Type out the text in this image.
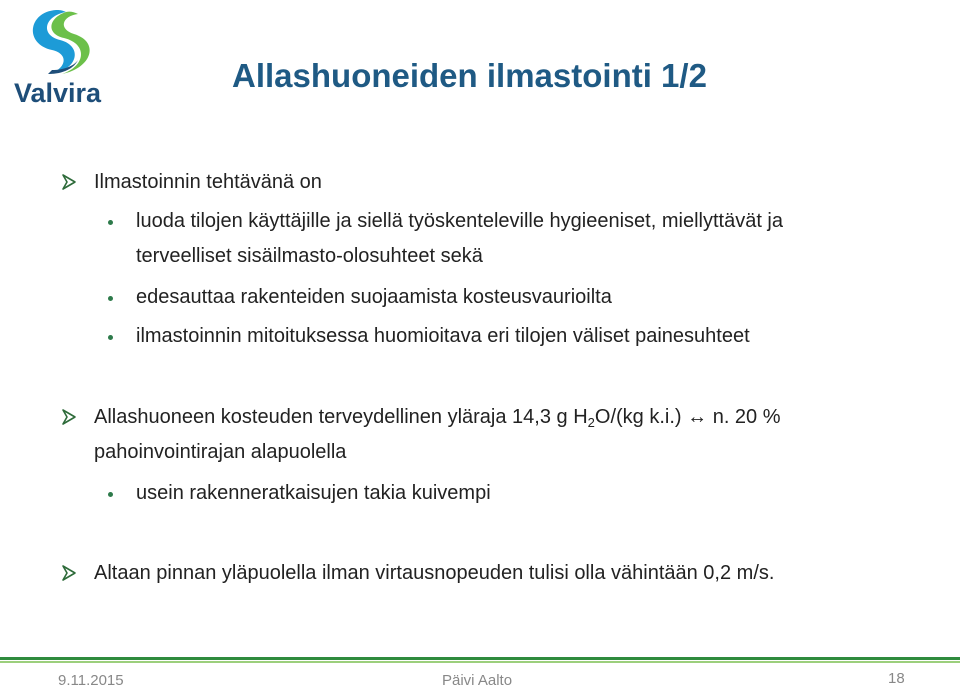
Valvira	Allashuoneiden ilmastointi 1/2
Ilmastoinnin tehtävänä on
luoda tilojen käyttäjille ja siellä työskenteleville hygieeniset, miellyttävät ja
terveelliset sisäilmasto-olosuhteet sekä
edesauttaa rakenteiden suojaamista kosteusvaurioilta
ilmastoinnin mitoituksessa huomioitava eri tilojen väliset painesuhteet
Allashuoneen kosteuden terveydellinen yläraja 14,3 g $H_2O/(kg$ k.i.) ↔ n. 20 %
pahoinvointirajan alapuolella
usein rakenneratkaisujen takia kuivempi
Altaan pinnan yläpuolella ilman virtausnopeuden tulisi olla vähintään 0,2 m/s.
9.11.2015	Päivi Aalto	18
